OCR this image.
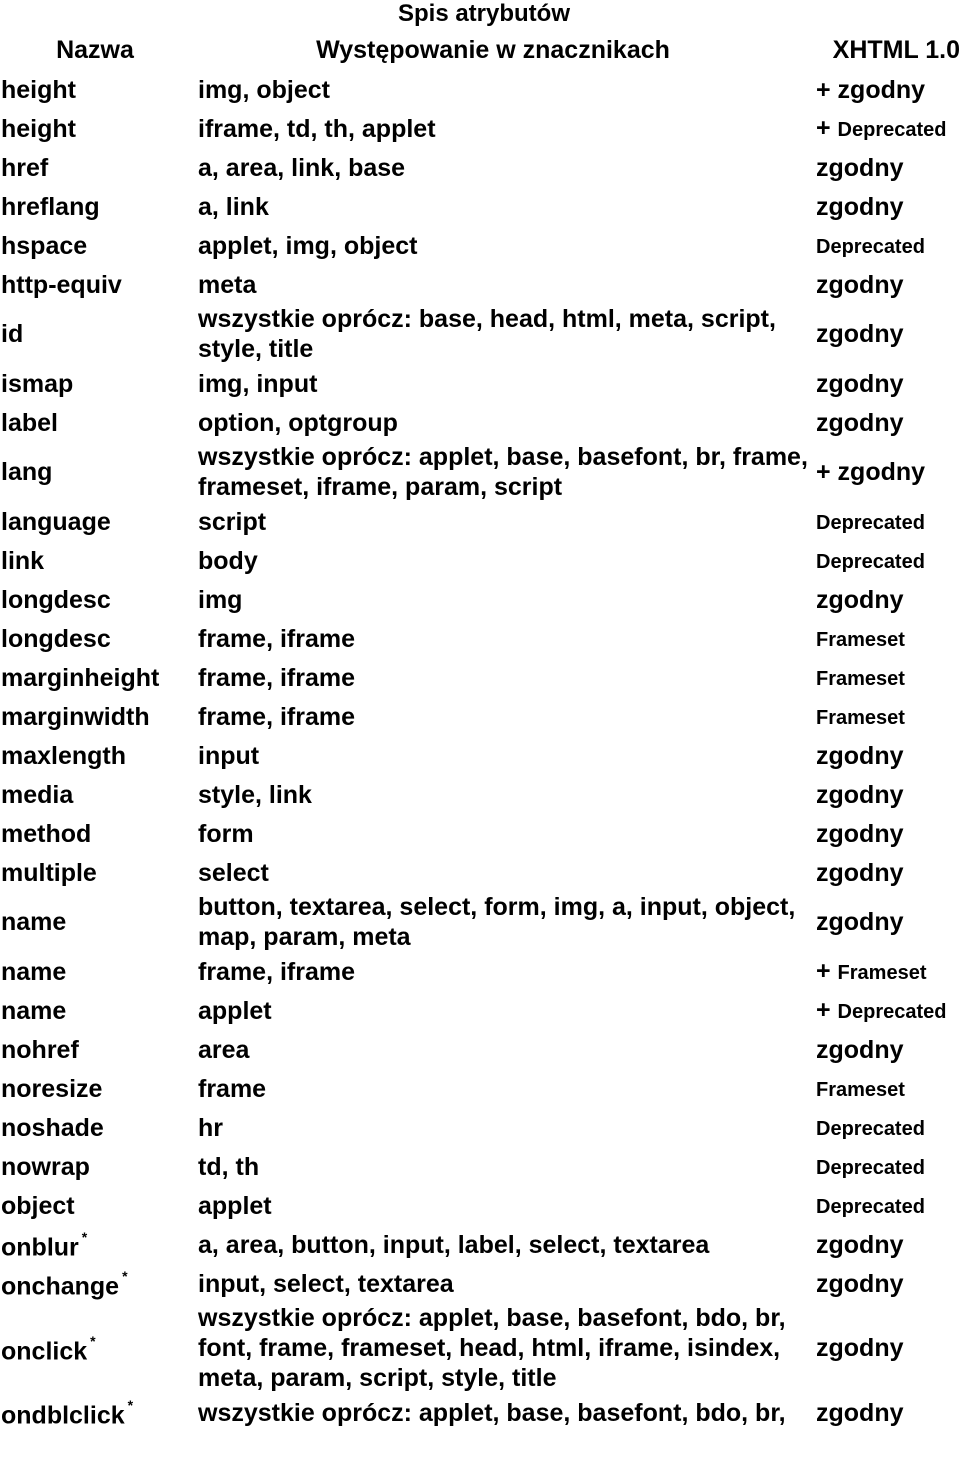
Spis atrybutów
Nazwa	Występowanie w znacznikach	XHTML 1.0
height	img, object	+ zgodny
height	iframe, td, th, applet	+ Deprecated
href	a, area, link, base	zgodny
hreflang	a, link	zgodny
hspace	applet, img, object	Deprecated
http-equiv	meta	zgodny
id	wszystkie oprócz: base, head, html, meta, script, style, title	zgodny
ismap	img, input	zgodny
label	option, optgroup	zgodny
lang	wszystkie oprócz: applet, base, basefont, br, frame, frameset, iframe, param, script	+ zgodny
language	script	Deprecated
link	body	Deprecated
longdesc	img	zgodny
longdesc	frame, iframe	Frameset
marginheight	frame, iframe	Frameset
marginwidth	frame, iframe	Frameset
maxlength	input	zgodny
media	style, link	zgodny
method	form	zgodny
multiple	select	zgodny
name	button, textarea, select, form, img, a, input, object, map, param, meta	zgodny
name	frame, iframe	+ Frameset
name	applet	+ Deprecated
nohref	area	zgodny
noresize	frame	Frameset
noshade	hr	Deprecated
nowrap	td, th	Deprecated
object	applet	Deprecated
onblur *	a, area, button, input, label, select, textarea	zgodny
onchange *	input, select, textarea	zgodny
onclick *	wszystkie oprócz: applet, base, basefont, bdo, br, font, frame, frameset, head, html, iframe, isindex, meta, param, script, style, title	zgodny
ondblclick *	wszystkie oprócz: applet, base, basefont, bdo, br,	zgodny
